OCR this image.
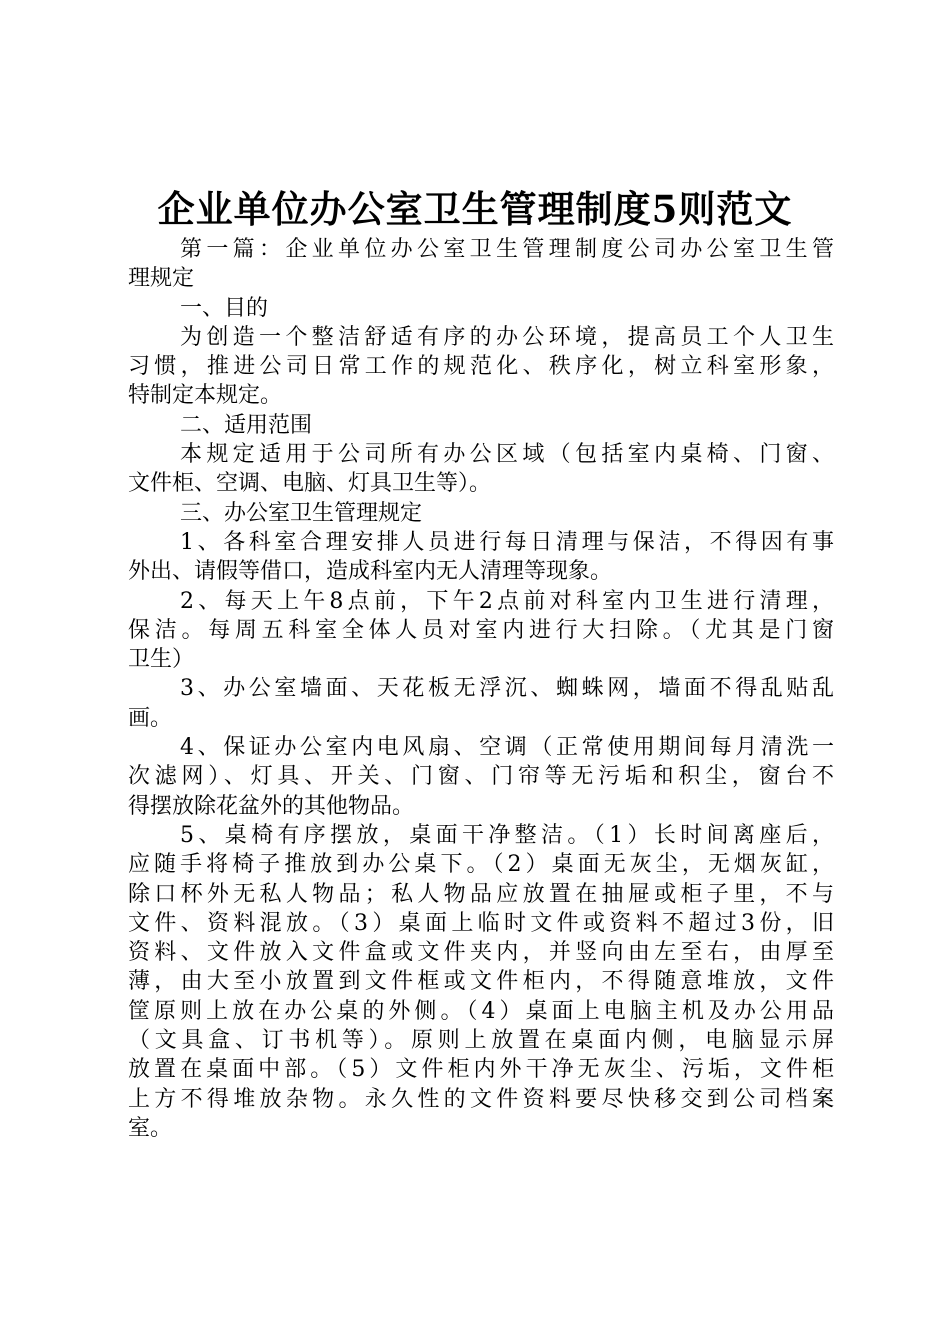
企业单位办公室卫生管理制度5则范文
第一篇：企业单位办公室卫生管理制度公司办公室卫生管
理规定
一、目的
为创造一个整洁舒适有序的办公环境，提高员工个人卫生
习惯，推进公司日常工作的规范化、秩序化，树立科室形象，
特制定本规定。
二、适用范围
本规定适用于公司所有办公区域（包括室内桌椅、门窗、
文件柜、空调、电脑、灯具卫生等）。
三、办公室卫生管理规定
1、各科室合理安排人员进行每日清理与保洁，不得因有事
外出、请假等借口，造成科室内无人清理等现象。
2、每天上午8点前，下午2点前对科室内卫生进行清理，
保洁。每周五科室全体人员对室内进行大扫除。（尤其是门窗
卫生）
3、办公室墙面、天花板无浮沉、蜘蛛网，墙面不得乱贴乱
画。
4、保证办公室内电风扇、空调（正常使用期间每月清洗一
次滤网）、灯具、开关、门窗、门帘等无污垢和积尘，窗台不
得摆放除花盆外的其他物品。
5、桌椅有序摆放，桌面干净整洁。（1）长时间离座后，
应随手将椅子推放到办公桌下。（2）桌面无灰尘，无烟灰缸，
除口杯外无私人物品；私人物品应放置在抽屉或柜子里，不与
文件、资料混放。（3）桌面上临时文件或资料不超过3份，旧
资料、文件放入文件盒或文件夹内，并竖向由左至右，由厚至
薄，由大至小放置到文件框或文件柜内，不得随意堆放，文件
筐原则上放在办公桌的外侧。（4）桌面上电脑主机及办公用品
（文具盒、订书机等）。原则上放置在桌面内侧，电脑显示屏
放置在桌面中部。（5）文件柜内外干净无灰尘、污垢，文件柜
上方不得堆放杂物。永久性的文件资料要尽快移交到公司档案
室。
